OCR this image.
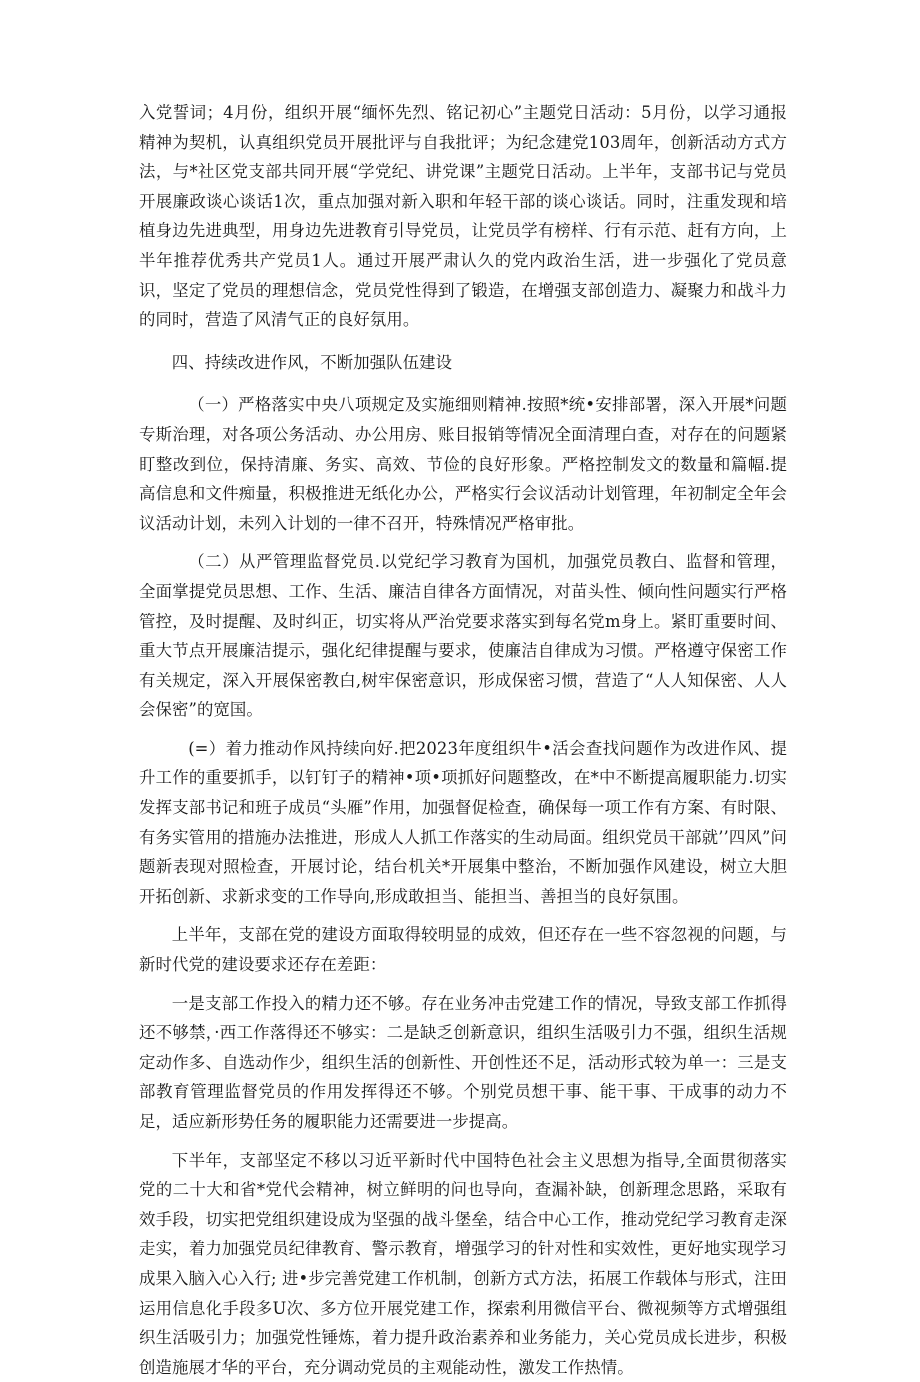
入党誓词；4月份，组织开展“缅怀先烈、铭记初心”主题党日活动：5月份，以学习通报精神为契机，认真组织党员开展批评与自我批评；为纪念建党103周年，创新活动方式方法，与*社区党支部共同开展“学党纪、讲党课”主题党日活动。上半年，支部书记与党员开展廉政谈心谈话1次，重点加强对新入职和年轻干部的谈心谈话。同时，注重发现和培植身边先进典型，用身边先进教育引导党员，让党员学有榜样、行有示范、赶有方向，上半年推荐优秀共产党员1人。通过开展严肃认久的党内政治生活，进一步强化了党员意识，坚定了党员的理想信念，党员党性得到了锻造，在增强支部创造力、凝聚力和战斗力的同时，营造了风清气正的良好氛用。

四、持续改进作风，不断加强队伍建设

（一）严格落实中央八项规定及实施细则精神.按照*统•安排部署，深入开展*问题专斯治理，对各项公务活动、办公用房、账目报销等情况全面清理白查，对存在的问题紧盯整改到位，保持清廉、务实、高效、节俭的良好形象。严格控制发文的数量和篇幅.提高信息和文件痴量，积极推进无纸化办公，严格实行会议活动计划管理，年初制定全年会议活动计划，未列入计划的一律不召开，特殊情况严格审批。

（二）从严管理监督党员.以党纪学习教育为国机，加强党员教白、监督和管理，全面掌提党员思想、工作、生活、廉洁自律各方面情况，对苗头性、倾向性问题实行严格管控，及时提醒、及时纠正，切实将从严治党要求落实到每名党m身上。紧盯重要时间、重大节点开展廉洁提示，强化纪律提醒与要求，使廉洁自律成为习惯。严格遵守保密工作有关规定，深入开展保密教白,树牢保密意识，形成保密习惯，营造了“人人知保密、人人会保密”的宽国。

(=）着力推动作风持续向好.把2023年度组织牛•活会查找问题作为改进作风、提升工作的重要抓手，以钉钉子的精神•项•项抓好问题整改，在*中不断提高履职能力.切实发挥支部书记和班子成员“头雁”作用，加强督促检查，确保每一项工作有方案、有时限、有务实管用的措施办法推进，形成人人抓工作落实的生动局面。组织党员干部就’’四风”问题新表现对照检查，开展讨论，结台机关*开展集中整治，不断加强作风建设，树立大胆开拓创新、求新求变的工作导向,形成敢担当、能担当、善担当的良好氛围。

上半年，支部在党的建设方面取得较明显的成效，但还存在一些不容忽视的问题，与新时代党的建设要求还存在差距：

一是支部工作投入的精力还不够。存在业务冲击党建工作的情况，导致支部工作抓得还不够禁，·西工作落得还不够实：二是缺乏创新意识，组织生活吸引力不强，组织生活规定动作多、自选动作少，组织生活的创新性、开创性还不足，活动形式较为单一：三是支部教育管理监督党员的作用发挥得还不够。个别党员想干事、能干事、干成事的动力不足，适应新形势任务的履职能力还需要进一步提高。

下半年，支部坚定不移以习近平新时代中国特色社会主义思想为指导,全面贯彻落实党的二十大和省*党代会精神，树立鲜明的问也导向，查漏补缺，创新理念思路，采取有效手段，切实把党组织建设成为坚强的战斗堡垒，结合中心工作，推动党纪学习教育走深走实，着力加强党员纪律教育、警示教育，增强学习的针对性和实效性，更好地实现学习成果入脑入心入行; 进•步完善党建工作机制，创新方式方法，拓展工作载体与形式，注田运用信息化手段多U次、多方位开展党建工作，探索利用微信平台、微视频等方式增强组织生活吸引力；加强党性锤炼，着力提升政治素养和业务能力，关心党员成长进步，积极创造施展才华的平台，充分调动党员的主观能动性，激发工作热情。
